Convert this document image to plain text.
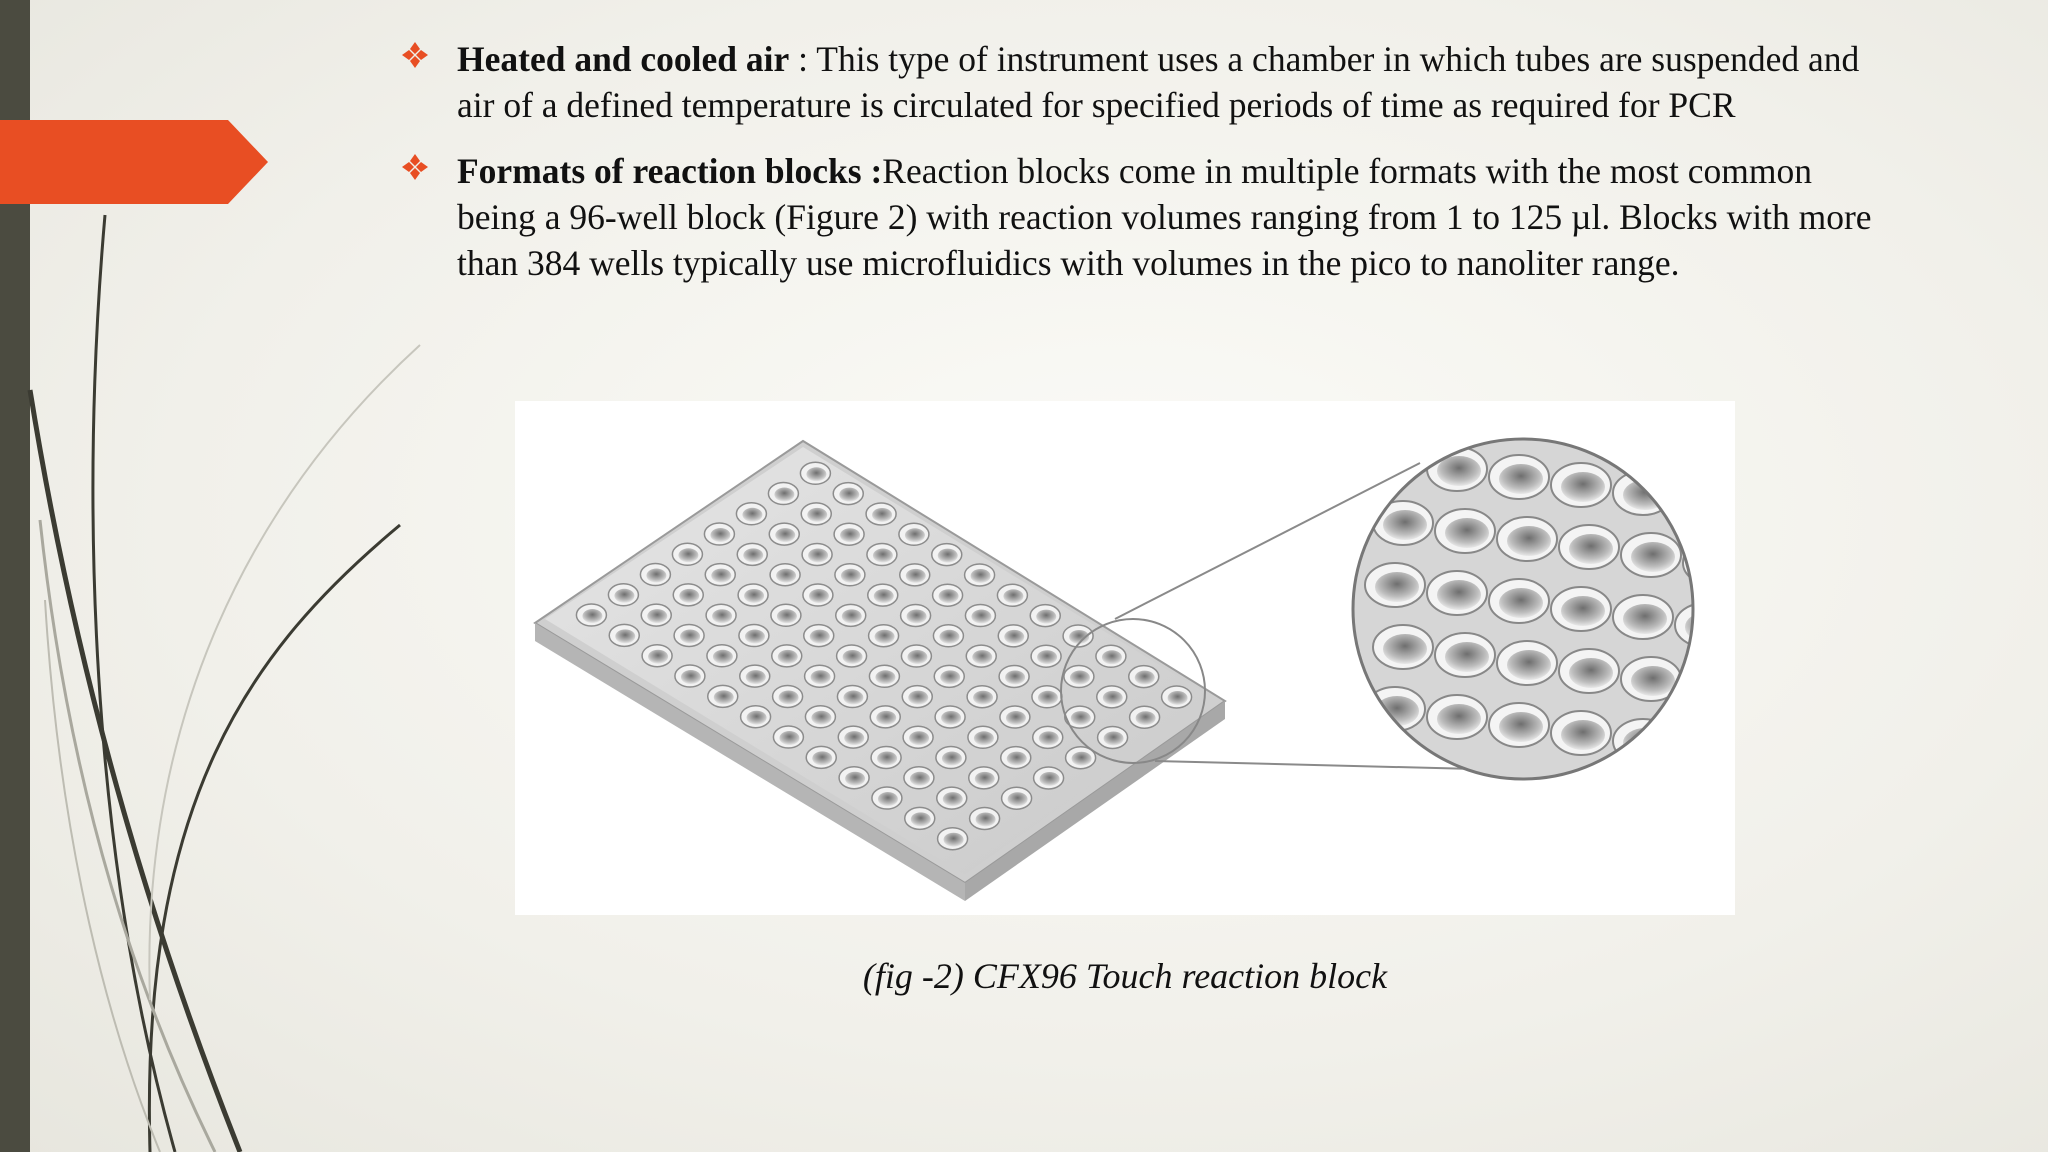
Heated and cooled air : This type of instrument uses a chamber in which tubes are suspended and air of a defined temperature is circulated for specified periods of time as required for PCR
Formats of reaction blocks :Reaction blocks come in multiple formats with the most common being a 96-well block (Figure 2) with reaction volumes ranging from 1 to 125 µl. Blocks with more than 384 wells typically use microfluidics with volumes in the pico to nanoliter range.
(fig -2) CFX96 Touch reaction block
